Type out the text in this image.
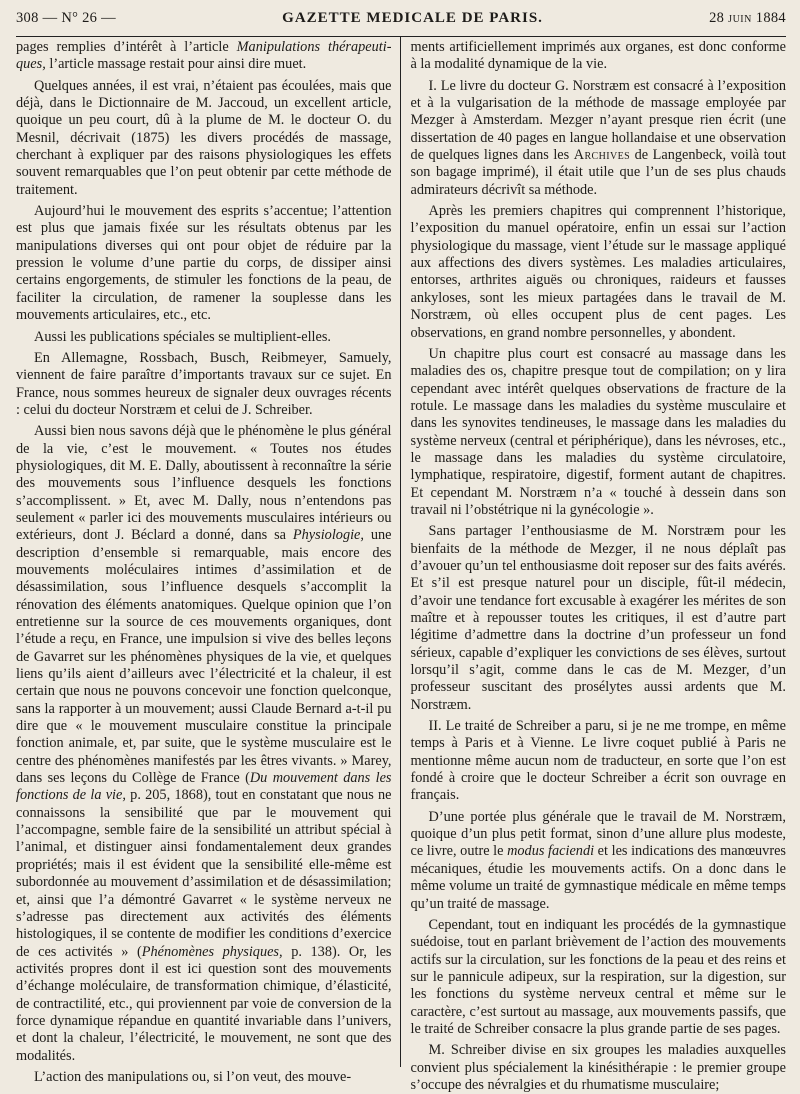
308 — N° 26 —	GAZETTE MEDICALE DE PARIS.	28 JUIN 1884

pages remplies d’intérêt à l’article Manipulations thérapeuti-ques, l’article massage restait pour ainsi dire muet.

Quelques années, il est vrai, n’étaient pas écoulées, mais que déjà, dans le Dictionnaire de M. Jaccoud, un excellent article, quoique un peu court, dû à la plume de M. le docteur O. du Mesnil, décrivait (1875) les divers procédés de massage, cherchant à expliquer par des raisons physiologiques les effets souvent remarquables que l’on peut obtenir par cette méthode de traitement.

Aujourd’hui le mouvement des esprits s’accentue; l’attention est plus que jamais fixée sur les résultats obtenus par les manipulations diverses qui ont pour objet de réduire par la pression le volume d’une partie du corps, de dissiper ainsi certains engorgements, de stimuler les fonctions de la peau, de faciliter la circulation, de ramener la souplesse dans les mouvements articulaires, etc., etc.

Aussi les publications spéciales se multiplient-elles.

En Allemagne, Rossbach, Busch, Reibmeyer, Samuely, viennent de faire paraître d’importants travaux sur ce sujet. En France, nous sommes heureux de signaler deux ouvrages récents : celui du docteur Norstræm et celui de J. Schreiber.

Aussi bien nous savons déjà que le phénomène le plus général de la vie, c’est le mouvement. « Toutes nos études physiologiques, dit M. E. Dally, aboutissent à reconnaître la série des mouvements sous l’influence desquels les fonctions s’accomplissent. » Et, avec M. Dally, nous n’entendons pas seulement « parler ici des mouvements musculaires intérieurs ou extérieurs, dont J. Béclard a donné, dans sa Physiologie, une description d’ensemble si remarquable, mais encore des mouvements moléculaires intimes d’assimilation et de désassimilation, sous l’influence desquels s’accomplit la rénovation des éléments anatomiques. Quelque opinion que l’on entretienne sur la source de ces mouvements organiques, dont l’étude a reçu, en France, une impulsion si vive des belles leçons de Gavarret sur les phénomènes physiques de la vie, et quelques liens qu’ils aient d’ailleurs avec l’électricité et la chaleur, il est certain que nous ne pouvons concevoir une fonction quelconque, sans la rapporter à un mouvement; aussi Claude Bernard a-t-il pu dire que « le mouvement musculaire constitue la principale fonction animale, et, par suite, que le système musculaire est le centre des phénomènes manifestés par les êtres vivants. » Marey, dans ses leçons du Collège de France (Du mouvement dans les fonctions de la vie, p. 205, 1868), tout en constatant que nous ne connaissons la sensibilité que par le mouvement qui l’accompagne, semble faire de la sensibilité un attribut spécial à l’animal, et distinguer ainsi fondamentalement deux grandes propriétés; mais il est évident que la sensibilité elle-même est subordonnée au mouvement d’assimilation et de désassimilation; et, ainsi que l’a démontré Gavarret « le système nerveux ne s’adresse pas directement aux activités des éléments histologiques, il se contente de modifier les conditions d’exercice de ces activités » (Phénomènes physiques, p. 138). Or, les activités propres dont il est ici question sont des mouvements d’échange moléculaire, de transformation chimique, d’élasticité, de contractilité, etc., qui proviennent par voie de conversion de la force dynamique répandue en quantité invariable dans l’univers, et dont la chaleur, l’électricité, le mouvement, ne sont que des modalités.

L’action des manipulations ou, si l’on veut, des mouve-

ments artificiellement imprimés aux organes, est donc conforme à la modalité dynamique de la vie.

I. Le livre du docteur G. Norstræm est consacré à l’exposition et à la vulgarisation de la méthode de massage employée par Mezger à Amsterdam. Mezger n’ayant presque rien écrit (une dissertation de 40 pages en langue hollandaise et une observation de quelques lignes dans les Archives de Langenbeck, voilà tout son bagage imprimé), il était utile que l’un de ses plus chauds admirateurs décrivît sa méthode.

Après les premiers chapitres qui comprennent l’historique, l’exposition du manuel opératoire, enfin un essai sur l’action physiologique du massage, vient l’étude sur le massage appliqué aux affections des divers systèmes. Les maladies articulaires, entorses, arthrites aiguës ou chroniques, raideurs et fausses ankyloses, sont les mieux partagées dans le travail de M. Norstræm, où elles occupent plus de cent pages. Les observations, en grand nombre personnelles, y abondent.

Un chapitre plus court est consacré au massage dans les maladies des os, chapitre presque tout de compilation; on y lira cependant avec intérêt quelques observations de fracture de la rotule. Le massage dans les maladies du système musculaire et dans les synovites tendineuses, le massage dans les maladies du système nerveux (central et périphérique), dans les névroses, etc., le massage dans les maladies du système circulatoire, lymphatique, respiratoire, digestif, forment autant de chapitres. Et cependant M. Norstræm n’a « touché à dessein dans son travail ni l’obstétrique ni la gynécologie ».

Sans partager l’enthousiasme de M. Norstræm pour les bienfaits de la méthode de Mezger, il ne nous déplaît pas d’avouer qu’un tel enthousiasme doit reposer sur des faits avérés. Et s’il est presque naturel pour un disciple, fût-il médecin, d’avoir une tendance fort excusable à exagérer les mérites de son maître et à repousser toutes les critiques, il est d’autre part légitime d’admettre dans la doctrine d’un professeur un fond sérieux, capable d’expliquer les convictions de ses élèves, surtout lorsqu’il s’agit, comme dans le cas de M. Mezger, d’un professeur suscitant des prosélytes aussi ardents que M. Norstræm.

II. Le traité de Schreiber a paru, si je ne me trompe, en même temps à Paris et à Vienne. Le livre coquet publié à Paris ne mentionne même aucun nom de traducteur, en sorte que l’on est fondé à croire que le docteur Schreiber a écrit son ouvrage en français.

D’une portée plus générale que le travail de M. Norstræm, quoique d’un plus petit format, sinon d’une allure plus modeste, ce livre, outre le modus faciendi et les indications des manœuvres mécaniques, étudie les mouvements actifs. On a donc dans le même volume un traité de gymnastique médicale en même temps qu’un traité de massage.

Cependant, tout en indiquant les procédés de la gymnastique suédoise, tout en parlant brièvement de l’action des mouvements actifs sur la circulation, sur les fonctions de la peau et des reins et sur le pannicule adipeux, sur la respiration, sur la digestion, sur les fonctions du système nerveux central et même sur le caractère, c’est surtout au massage, aux mouvements passifs, que le traité de Schreiber consacre la plus grande partie de ses pages.

M. Schreiber divise en six groupes les maladies auxquelles convient plus spécialement la kinésithérapie : le premier groupe s’occupe des névralgies et du rhumatisme musculaire;
